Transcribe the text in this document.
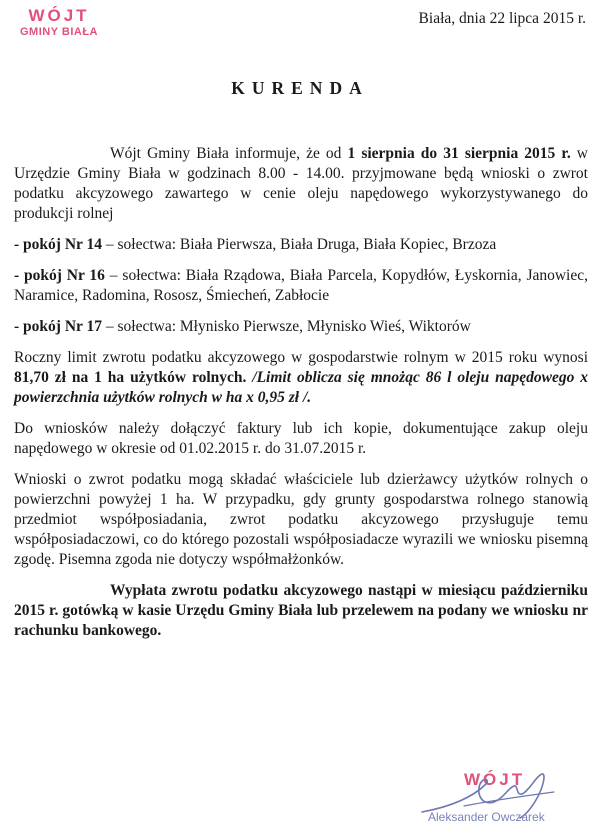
WÓJT
GMINY BIAŁA
Biała, dnia 22 lipca 2015 r.
KURENDA

Wójt Gminy Biała informuje, że od 1 sierpnia do 31 sierpnia 2015 r. w Urzędzie Gminy Biała w godzinach 8.00 - 14.00. przyjmowane będą wnioski o zwrot podatku akcyzowego zawartego w cenie oleju napędowego wykorzystywanego do produkcji rolnej

- pokój Nr 14 – sołectwa: Biała Pierwsza, Biała Druga, Biała Kopiec, Brzoza

- pokój Nr 16 – sołectwa: Biała Rządowa, Biała Parcela, Kopydłów, Łyskornia, Janowiec, Naramice, Radomina, Rososz, Śmiecheń, Zabłocie

- pokój Nr 17 – sołectwa: Młynisko Pierwsze, Młynisko Wieś, Wiktorów

Roczny limit zwrotu podatku akcyzowego w gospodarstwie rolnym w 2015 roku wynosi 81,70 zł na 1 ha użytków rolnych. /Limit oblicza się mnożąc 86 l oleju napędowego x powierzchnia użytków rolnych w ha x 0,95 zł /.

Do wniosków należy dołączyć faktury lub ich kopie, dokumentujące zakup oleju napędowego w okresie od 01.02.2015 r. do 31.07.2015 r.

Wnioski o zwrot podatku mogą składać właściciele lub dzierżawcy użytków rolnych o powierzchni powyżej 1 ha. W przypadku, gdy grunty gospodarstwa rolnego stanowią przedmiot współposiadania, zwrot podatku akcyzowego przysługuje temu współposiadaczowi, co do którego pozostali współposiadacze wyrazili we wniosku pisemną zgodę. Pisemna zgoda nie dotyczy współmałżonków.

Wypłata zwrotu podatku akcyzowego nastąpi w miesiącu październiku 2015 r. gotówką w kasie Urzędu Gminy Biała lub przelewem na podany we wniosku nr rachunku bankowego.

WÓJT
Aleksander Owczarek
